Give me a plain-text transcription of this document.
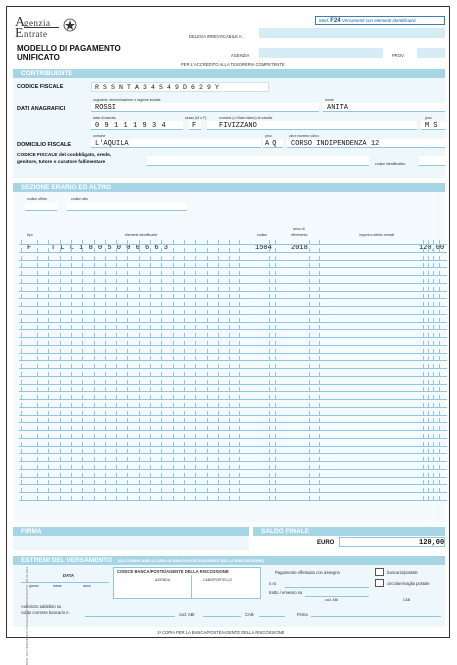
A
E
genzia
ntrate
Mod. F24 Versamenti con elementi identificativi
MODELLO DI PAGAMENTO
UNIFICATO
DELEGA IRREVOCABILE A:
AGENZIA	PROV.
PER L'ACCREDITO ALLA TESORERIA COMPETENTE
CONTRIBUENTE
CODICE FISCALE	RSSNTA34S49D629Y
DATI ANAGRAFICI
cognome, denominazione o ragione sociale
ROSSI
nome
ANITA
data di nascita
09111934
sesso (M o F)
F
comune (o Stato estero) di nascita
FIVIZZANO
prov.
MS
DOMICILIO FISCALE
comune
L'AQUILA
prov.
AQ
via e numero civico
CORSO INDIPENDENZA 12
CODICE FISCALE del coobbligato, erede,
genitore, tutore o curatore fallimentare	codice identificativo
SEZIONE ERARIO ED ALTRO
codice ufficio	codice atto
tipo	elementi identificativi	codice
anno di
riferimento	importi a debito versati
F	TLL1805000663	1504	2018	120,00
FIRMA	SALDO FINALE
EURO	120,00
ESTREMI DEL VERSAMENTO (DA COMPILARE A CURA DI BANCA/POSTE/AGENTE DELLA RISCOSSIONE)
DATA
giorno	mese	anno
CODICE BANCA/POSTE/AGENTE DELLA RISCOSSIONE
AZIENDA	CAB/SPORTELLO
Pagamento effettuato con assegno
n.ro
tratto / emesso su
cod. ABI	CAB
bancario/postale
circolare/vaglia postale
Autorizzo addebito su
conto corrente bancario n.	cod. ABI	CAB	Firma
1ª COPIA PER LA BANCA/POSTE/AGENTE DELLA RISCOSSIONE
MOD. F24 VERSAMENTI CON ELEMENTI IDENTIFICATIVI - 25 01 2013
